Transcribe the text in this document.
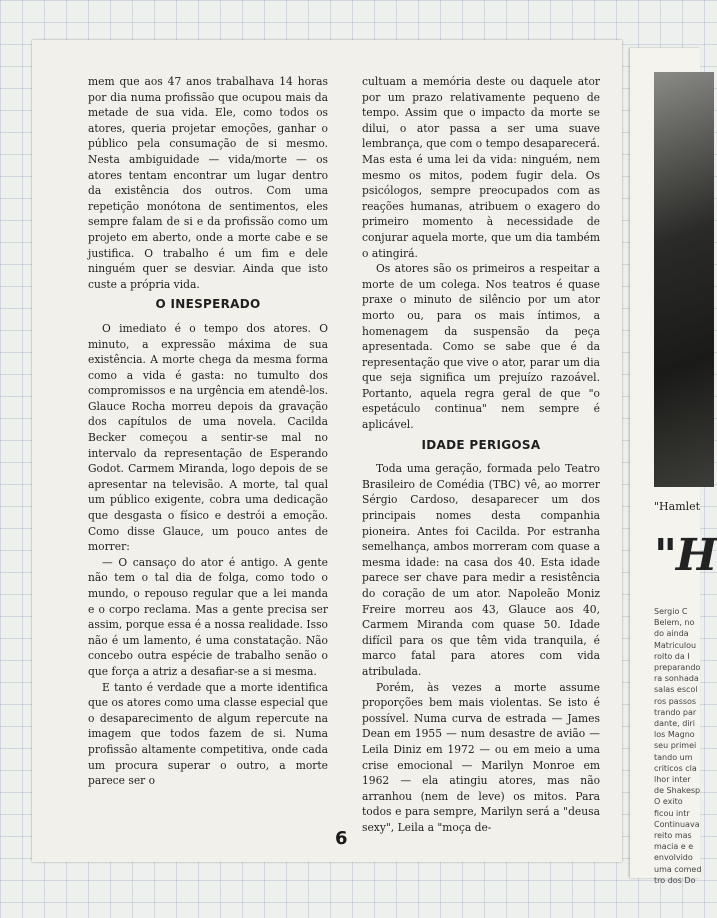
mem que aos 47 anos trabalhava 14 horas por dia numa profissão que ocupou mais da metade de sua vida. Ele, como todos os atores, queria projetar emoções, ganhar o público pela consumação de si mesmo. Nesta ambiguidade — vida/morte — os atores tentam encontrar um lugar dentro da existência dos outros. Com uma repetição monótona de sentimentos, eles sempre falam de si e da profissão como um projeto em aberto, onde a morte cabe e se justifica. O trabalho é um fim e dele ninguém quer se desviar. Ainda que isto custe a própria vida.

O INESPERADO

O imediato é o tempo dos atores. O minuto, a expressão máxima de sua existência. A morte chega da mesma forma como a vida é gasta: no tumulto dos compromissos e na urgência em atendê-los. Glauce Rocha morreu depois da gravação dos capítulos de uma novela. Cacilda Becker começou a sentir-se mal no intervalo da representação de Esperando Godot. Carmem Miranda, logo depois de se apresentar na televisão. A morte, tal qual um público exigente, cobra uma dedicação que desgasta o físico e destrói a emoção. Como disse Glauce, um pouco antes de morrer:

— O cansaço do ator é antigo. A gente não tem o tal dia de folga, como todo o mundo, o repouso regular que a lei manda e o corpo reclama. Mas a gente precisa ser assim, porque essa é a nossa realidade. Isso não é um lamento, é uma constatação. Não concebo outra espécie de trabalho senão o que força a atriz a desafiar-se a si mesma.

E tanto é verdade que a morte identifica que os atores como uma classe especial que o desaparecimento de algum repercute na imagem que todos fazem de si. Numa profissão altamente competitiva, onde cada um procura superar o outro, a morte parece ser o

cultuam a memória deste ou daquele ator por um prazo relativamente pequeno de tempo. Assim que o impacto da morte se dilui, o ator passa a ser uma suave lembrança, que com o tempo desaparecerá. Mas esta é uma lei da vida: ninguém, nem mesmo os mitos, podem fugir dela. Os psicólogos, sempre preocupados com as reações humanas, atribuem o exagero do primeiro momento à necessidade de conjurar aquela morte, que um dia também o atingirá.

Os atores são os primeiros a respeitar a morte de um colega. Nos teatros é quase praxe o minuto de silêncio por um ator morto ou, para os mais íntimos, a homenagem da suspensão da peça apresentada. Como se sabe que é da representação que vive o ator, parar um dia que seja significa um prejuízo razoável. Portanto, aquela regra geral de que "o espetáculo continua" nem sempre é aplicável.

IDADE PERIGOSA

Toda uma geração, formada pelo Teatro Brasileiro de Comédia (TBC) vê, ao morrer Sérgio Cardoso, desaparecer um dos principais nomes desta companhia pioneira. Antes foi Cacilda. Por estranha semelhança, ambos morreram com quase a mesma idade: na casa dos 40. Esta idade parece ser chave para medir a resistência do coração de um ator. Napoleão Moniz Freire morreu aos 43, Glauce aos 40, Carmem Miranda com quase 50. Idade difícil para os que têm vida tranquila, é marco fatal para atores com vida atribulada.

Porém, às vezes a morte assume proporções bem mais violentas. Se isto é possível. Numa curva de estrada — James Dean em 1955 — num desastre de avião — Leila Diniz em 1972 — ou em meio a uma crise emocional — Marilyn Monroe em 1962 — ela atingiu atores, mas não arranhou (nem de leve) os mitos. Para todos e para sempre, Marilyn será a "deusa sexy", Leila a "moça de-

6
"Hamlet
"H
Sergio C
Belem, no
do ainda
Matriculou
rolto da I
preparando
ra sonhada
salas escol
ros passos
trando par
dante, diri
los Magno
seu primei
tando um
criticos cla
lhor inter
de Shakesp
O exito
ficou intr
Continuava
reito mas
macia e e
envolvido
uma comed
tro dos Do
